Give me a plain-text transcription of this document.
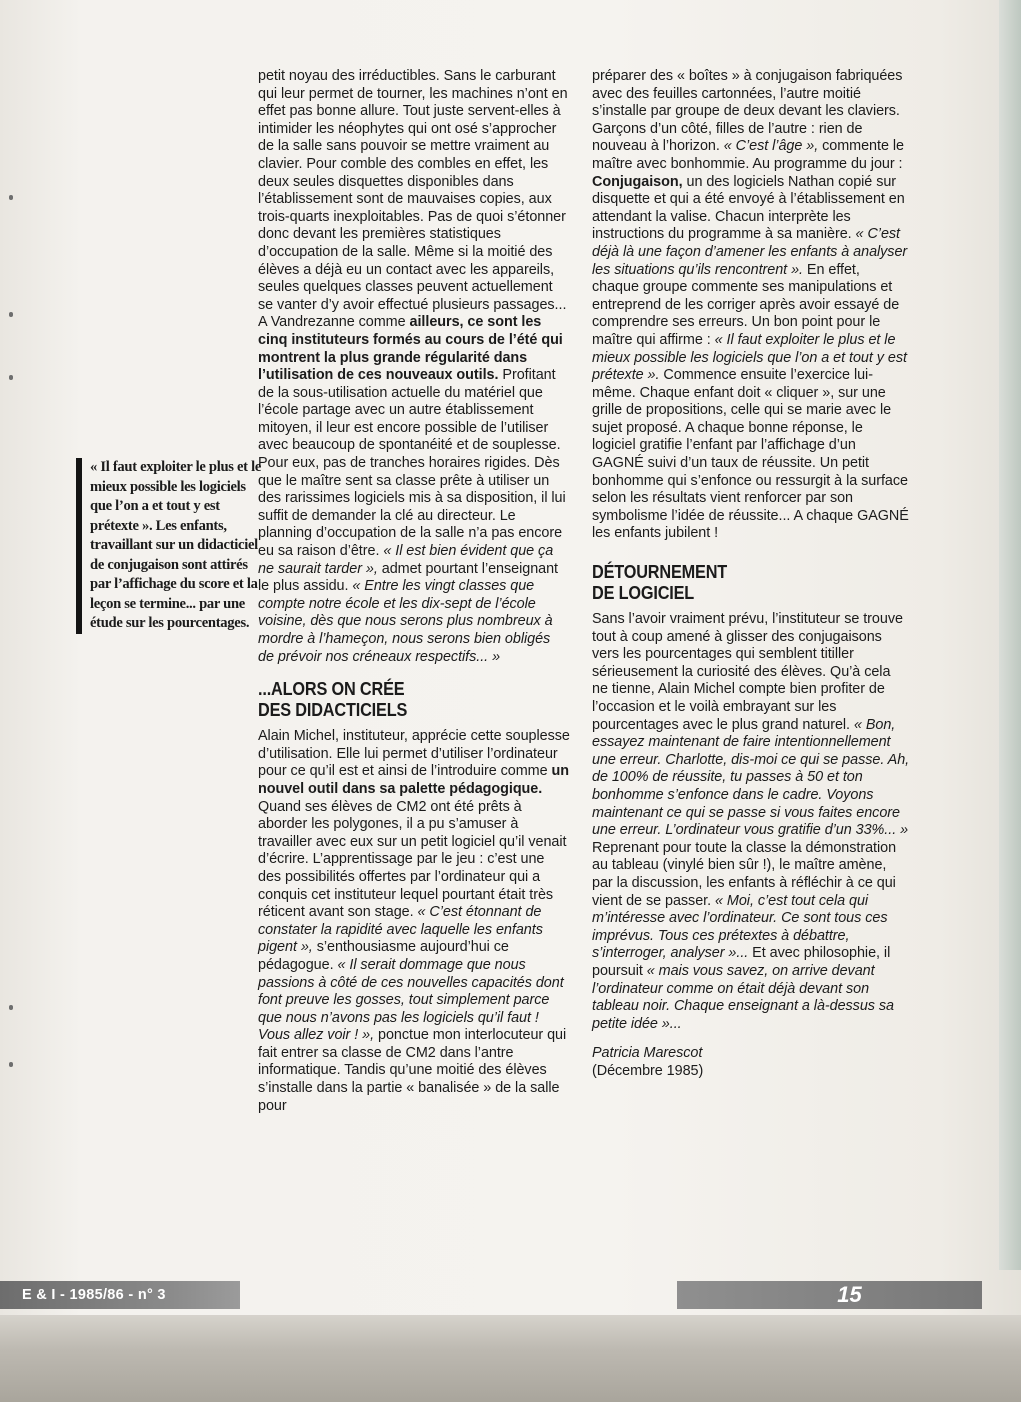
« Il faut exploiter le plus et le mieux possible les logiciels que l’on a et tout y est prétexte ». Les enfants, travaillant sur un didacticiel de conjugaison sont attirés par l’affichage du score et la leçon se termine... par une étude sur les pourcentages.

petit noyau des irréductibles. Sans le carburant qui leur permet de tourner, les machines n’ont en effet pas bonne allure. Tout juste servent-elles à intimider les néophytes qui ont osé s’approcher de la salle sans pouvoir se mettre vraiment au clavier. Pour comble des combles en effet, les deux seules disquettes disponibles dans l’établissement sont de mauvaises copies, aux trois-quarts inexploitables. Pas de quoi s’étonner donc devant les premières statistiques d’occupation de la salle. Même si la moitié des élèves a déjà eu un contact avec les appareils, seules quelques classes peuvent actuellement se vanter d’y avoir effectué plusieurs passages... A Vandrezanne comme ailleurs, ce sont les cinq instituteurs formés au cours de l’été qui montrent la plus grande régularité dans l’utilisation de ces nouveaux outils. Profitant de la sous-utilisation actuelle du matériel que l’école partage avec un autre établissement mitoyen, il leur est encore possible de l’utiliser avec beaucoup de spontanéité et de souplesse. Pour eux, pas de tranches horaires rigides. Dès que le maître sent sa classe prête à utiliser un des rarissimes logiciels mis à sa disposition, il lui suffit de demander la clé au directeur. Le planning d’occupation de la salle n’a pas encore eu sa raison d’être. « Il est bien évident que ça ne saurait tarder », admet pourtant l’enseignant le plus assidu. « Entre les vingt classes que compte notre école et les dix-sept de l’école voisine, dès que nous serons plus nombreux à mordre à l’hameçon, nous serons bien obligés de prévoir nos créneaux respectifs... »

...ALORS ON CRÉE
DES DIDACTICIELS

Alain Michel, instituteur, apprécie cette souplesse d’utilisation. Elle lui permet d’utiliser l’ordinateur pour ce qu’il est et ainsi de l’introduire comme un nouvel outil dans sa palette pédagogique. Quand ses élèves de CM2 ont été prêts à aborder les polygones, il a pu s’amuser à travailler avec eux sur un petit logiciel qu’il venait d’écrire. L’apprentissage par le jeu : c’est une des possibilités offertes par l’ordinateur qui a conquis cet instituteur lequel pourtant était très réticent avant son stage. « C’est étonnant de constater la rapidité avec laquelle les enfants pigent », s’enthousiasme aujourd’hui ce pédagogue. « Il serait dommage que nous passions à côté de ces nouvelles capacités dont font preuve les gosses, tout simplement parce que nous n’avons pas les logiciels qu’il faut ! Vous allez voir ! », ponctue mon interlocuteur qui fait entrer sa classe de CM2 dans l’antre informatique. Tandis qu’une moitié des élèves s’installe dans la partie « banalisée » de la salle pour

préparer des « boîtes » à conjugaison fabriquées avec des feuilles cartonnées, l’autre moitié s’installe par groupe de deux devant les claviers. Garçons d’un côté, filles de l’autre : rien de nouveau à l’horizon. « C’est l’âge », commente le maître avec bonhommie. Au programme du jour : Conjugaison, un des logiciels Nathan copié sur disquette et qui a été envoyé à l’établissement en attendant la valise. Chacun interprète les instructions du programme à sa manière. « C’est déjà là une façon d’amener les enfants à analyser les situations qu’ils rencontrent ». En effet, chaque groupe commente ses manipulations et entreprend de les corriger après avoir essayé de comprendre ses erreurs. Un bon point pour le maître qui affirme : « Il faut exploiter le plus et le mieux possible les logiciels que l’on a et tout y est prétexte ». Commence ensuite l’exercice lui-même. Chaque enfant doit « cliquer », sur une grille de propositions, celle qui se marie avec le sujet proposé. A chaque bonne réponse, le logiciel gratifie l’enfant par l’affichage d’un GAGNÉ suivi d’un taux de réussite. Un petit bonhomme qui s’enfonce ou ressurgit à la surface selon les résultats vient renforcer par son symbolisme l’idée de réussite... A chaque GAGNÉ les enfants jubilent !

DÉTOURNEMENT
DE LOGICIEL

Sans l’avoir vraiment prévu, l’instituteur se trouve tout à coup amené à glisser des conjugaisons vers les pourcentages qui semblent titiller sérieusement la curiosité des élèves. Qu’à cela ne tienne, Alain Michel compte bien profiter de l’occasion et le voilà embrayant sur les pourcentages avec le plus grand naturel. « Bon, essayez maintenant de faire intentionnellement une erreur. Charlotte, dis-moi ce qui se passe. Ah, de 100% de réussite, tu passes à 50 et ton bonhomme s’enfonce dans le cadre. Voyons maintenant ce qui se passe si vous faites encore une erreur. L’ordinateur vous gratifie d’un 33%... » Reprenant pour toute la classe la démonstration au tableau (vinylé bien sûr !), le maître amène, par la discussion, les enfants à réfléchir à ce qui vient de se passer. « Moi, c’est tout cela qui m’intéresse avec l’ordinateur. Ce sont tous ces imprévus. Tous ces prétextes à débattre, s’interroger, analyser »... Et avec philosophie, il poursuit « mais vous savez, on arrive devant l’ordinateur comme on était déjà devant son tableau noir. Chaque enseignant a là-dessus sa petite idée »...

Patricia Marescot
(Décembre 1985)
E & I - 1985/86 - n° 3	15
